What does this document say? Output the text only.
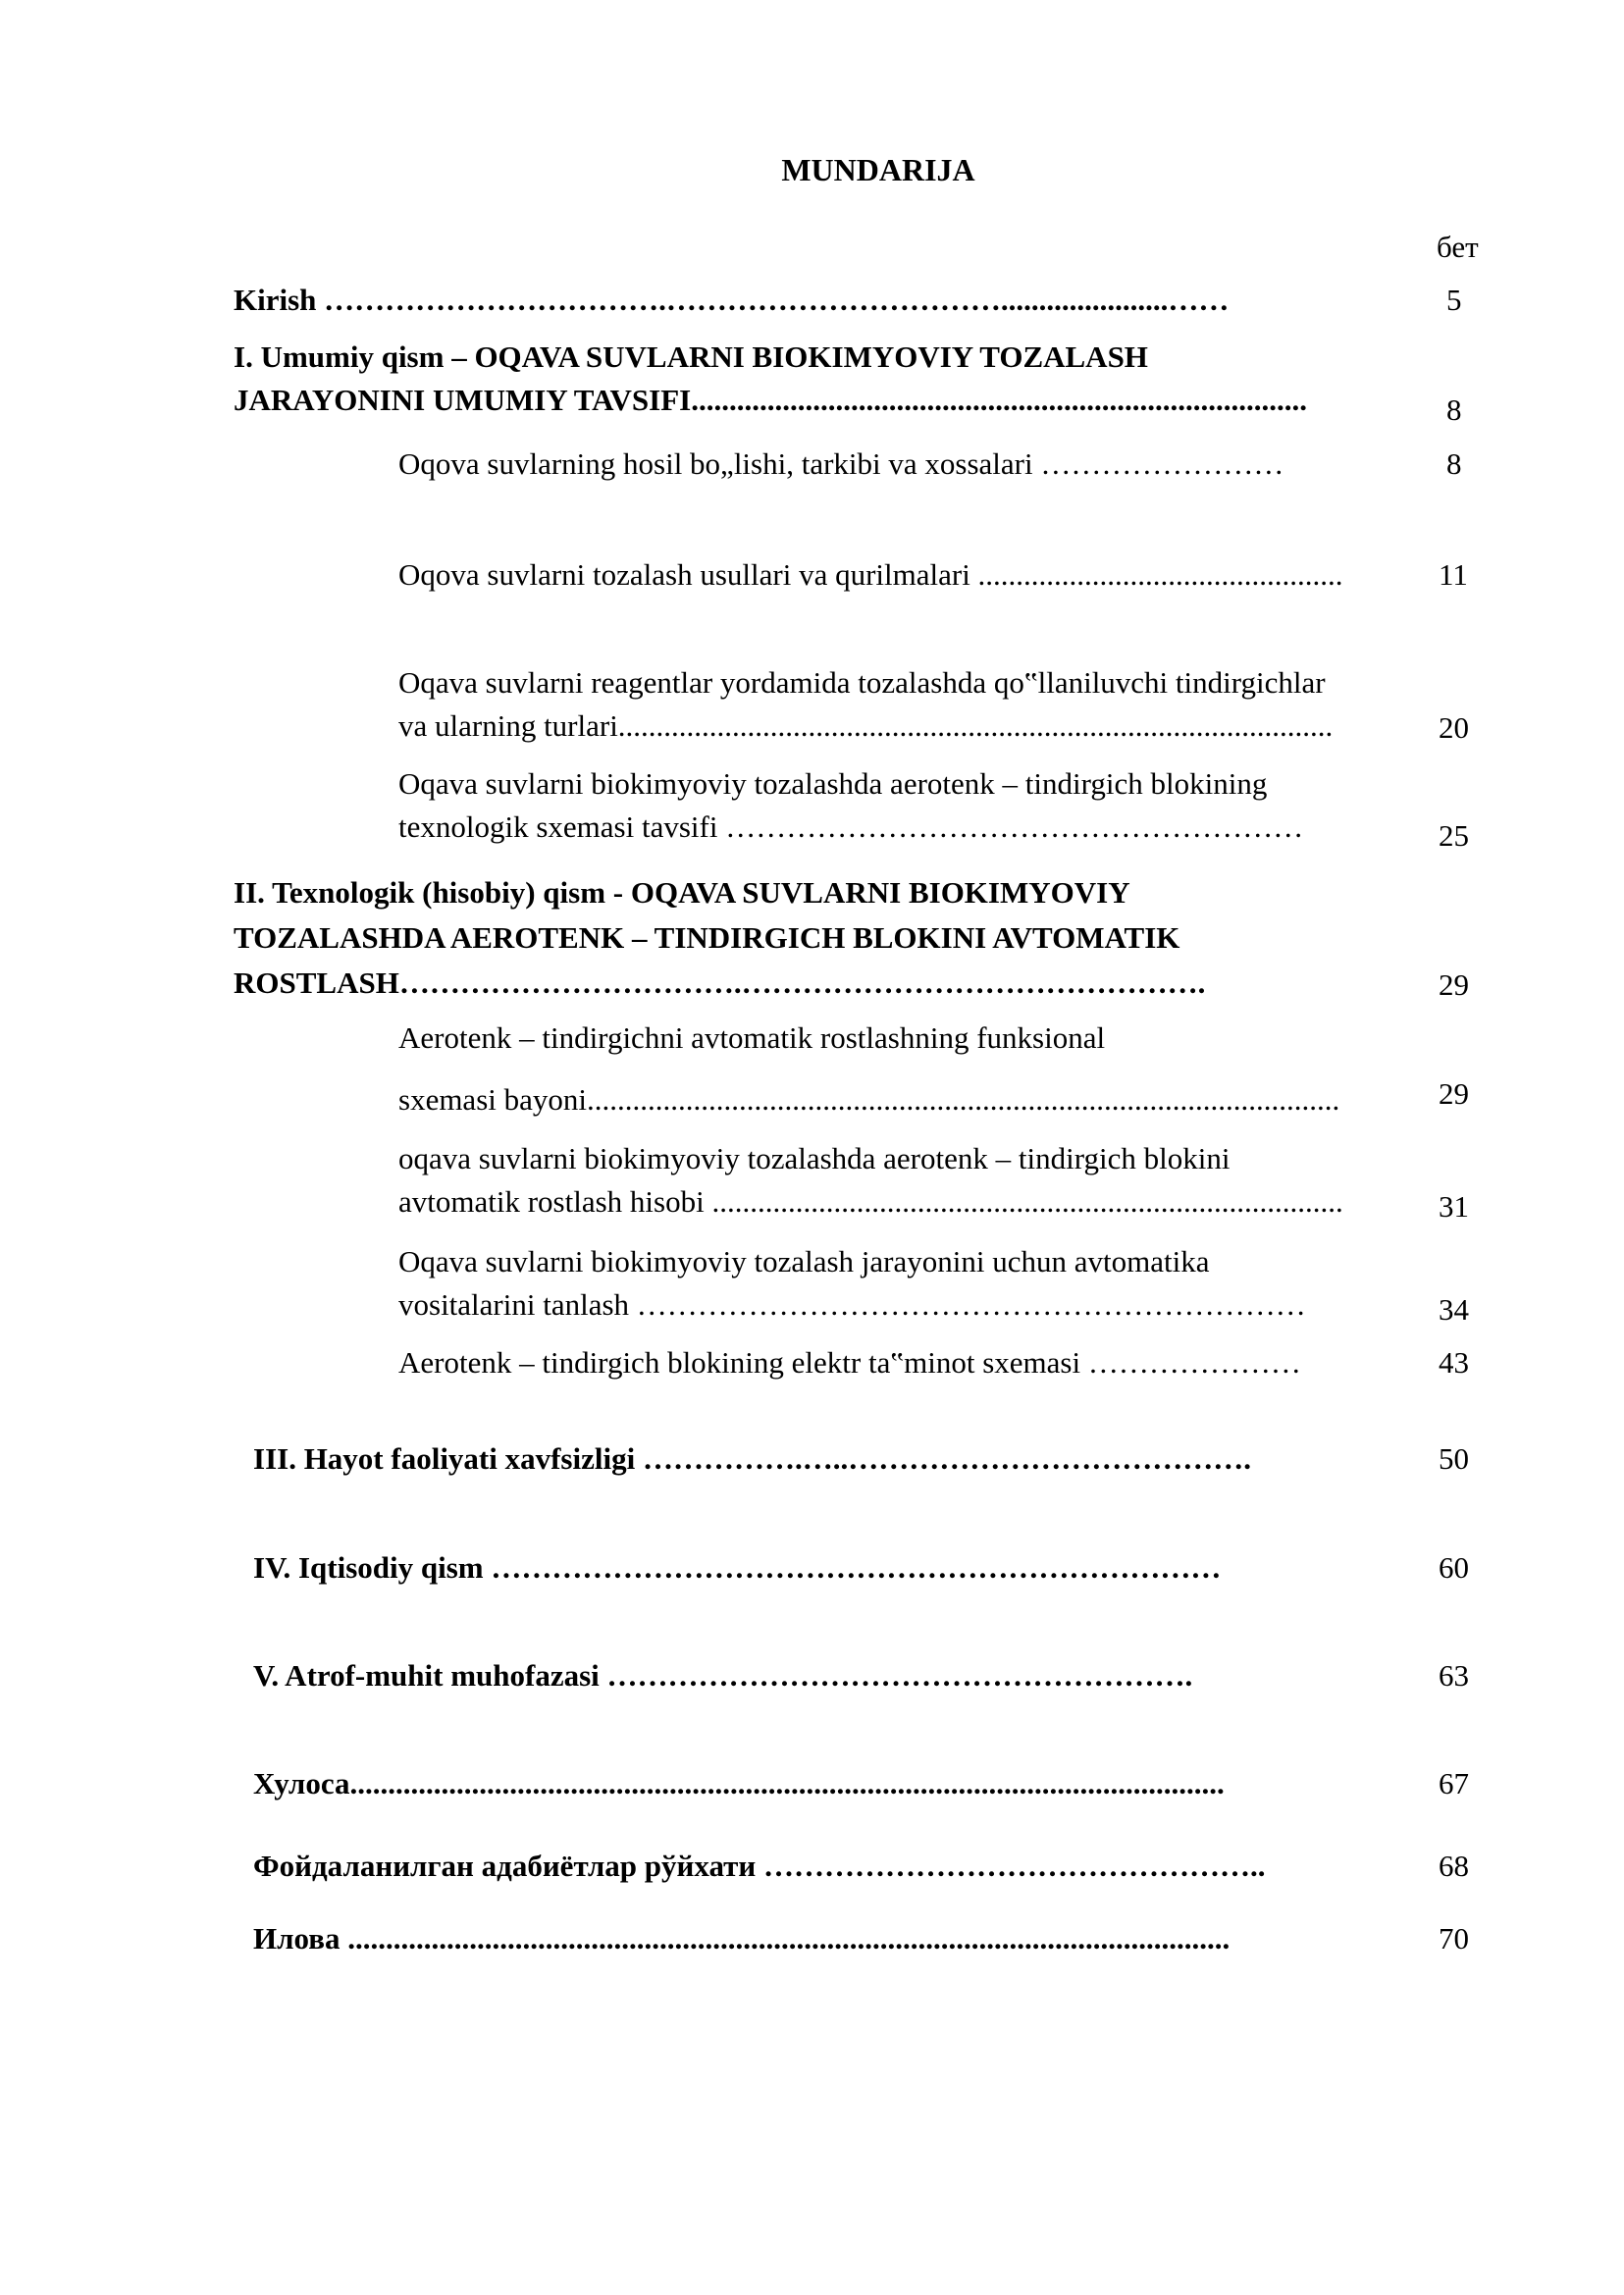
MUNDARIJA
бет
Kirish …………………………….……………………………......................……	5
I. Umumiy qism – OQAVA SUVLARNI BIOKIMYOVIY TOZALASH
JARAYONINI UMUMIY TAVSIFI.................................................................................	8
Oqova suvlarning hosil bo„lishi, tarkibi va xossalari ……………………	8
Oqova suvlarni tozalash usullari va qurilmalari ................................................	11
Oqava suvlarni reagentlar yordamida tozalashda qo‟llaniluvchi tindirgichlar
va ularning turlari..............................................................................................	20
Oqava suvlarni biokimyoviy tozalashda aerotenk – tindirgich blokining
texnologik sxemasi tavsifi …………………………………………………	25
II. Texnologik (hisobiy) qism - OQAVA SUVLARNI BIOKIMYOVIY
TOZALASHDA AEROTENK – TINDIRGICH BLOKINI AVTOMATIK
ROSTLASH…………………………….……………………………………….	29
Aerotenk – tindirgichni avtomatik rostlashning funksional
sxemasi bayoni...................................................................................................	29
oqava suvlarni biokimyoviy tozalashda aerotenk – tindirgich blokini
avtomatik rostlash hisobi ...................................................................................	31
Oqava suvlarni biokimyoviy tozalash jarayonini uchun avtomatika
vositalarini tanlash …………………………………………………………	34
Aerotenk – tindirgich blokining elektr ta‟minot sxemasi …………………	43
III. Hayot faoliyati xavfsizligi …………….…..………………………………….	50
IV. Iqtisodiy qism ………………………………………………………………	60
V. Atrof-muhit muhofazasi ………………………………………………….	63
Хулоса...................................................................................................................	67
Фойдаланилган адабиётлар рўйхати …………………………………………..	68
Илова ....................................................................................................................	70
